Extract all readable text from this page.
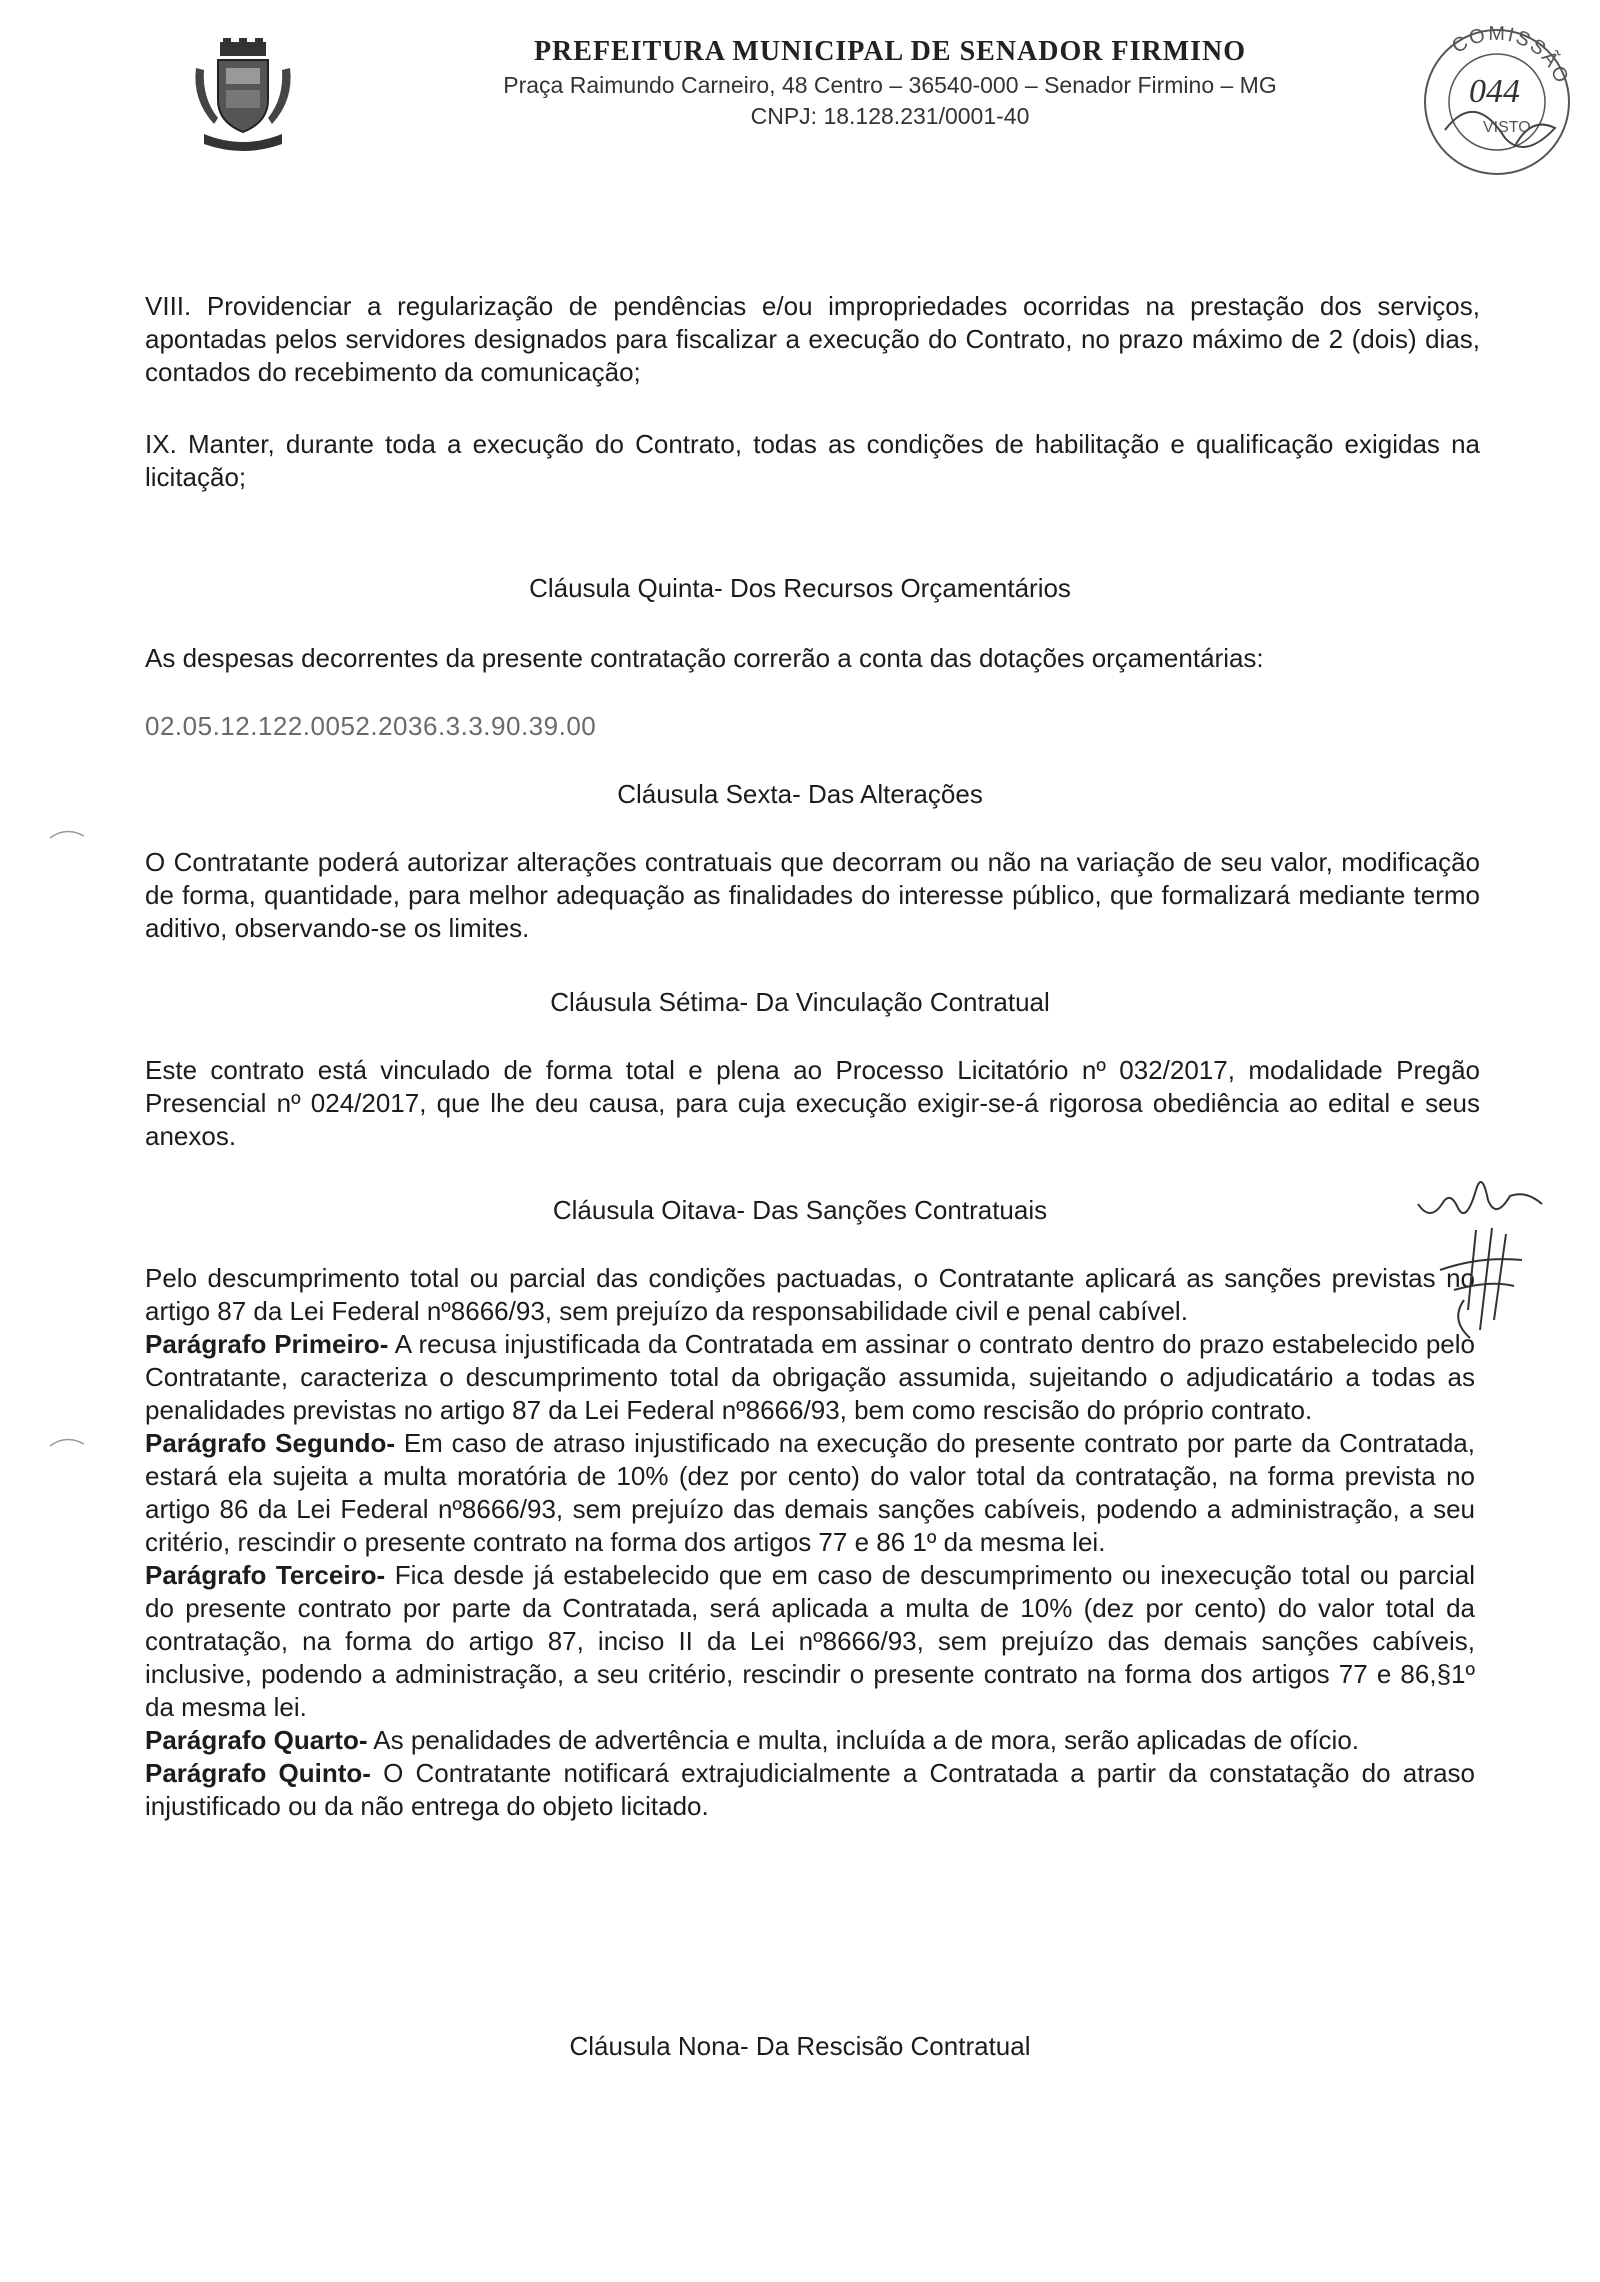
PREFEITURA MUNICIPAL DE SENADOR FIRMINO
Praça Raimundo Carneiro, 48 Centro – 36540-000 – Senador Firmino – MG
CNPJ: 18.128.231/0001-40
COMISSÃO
044
VISTO

VIII. Providenciar a regularização de pendências e/ou impropriedades ocorridas na prestação dos serviços, apontadas pelos servidores designados para fiscalizar a execução do Contrato, no prazo máximo de 2 (dois) dias, contados do recebimento da comunicação;

IX. Manter, durante toda a execução do Contrato, todas as condições de habilitação e qualificação exigidas na licitação;

Cláusula Quinta- Dos Recursos Orçamentários
As despesas decorrentes da presente contratação correrão a conta das dotações orçamentárias:
02.05.12.122.0052.2036.3.3.90.39.00
Cláusula Sexta- Das Alterações
O Contratante poderá autorizar alterações contratuais que decorram ou não na variação de seu valor, modificação de forma, quantidade, para melhor adequação as finalidades do interesse público, que formalizará mediante termo aditivo, observando-se os limites.
Cláusula Sétima- Da Vinculação Contratual
Este contrato está vinculado de forma total e plena ao Processo Licitatório nº 032/2017, modalidade Pregão Presencial nº 024/2017, que lhe deu causa, para cuja execução exigir-se-á rigorosa obediência ao edital e seus anexos.
Cláusula Oitava- Das Sanções Contratuais

Pelo descumprimento total ou parcial das condições pactuadas, o Contratante aplicará as sanções previstas no artigo 87 da Lei Federal nº8666/93, sem prejuízo da responsabilidade civil e penal cabível.

Parágrafo Primeiro- A recusa injustificada da Contratada em assinar o contrato dentro do prazo estabelecido pelo Contratante, caracteriza o descumprimento total da obrigação assumida, sujeitando o adjudicatário a todas as penalidades previstas no artigo 87 da Lei Federal nº8666/93, bem como rescisão do próprio contrato.

Parágrafo Segundo- Em caso de atraso injustificado na execução do presente contrato por parte da Contratada, estará ela sujeita a multa moratória de 10% (dez por cento) do valor total da contratação, na forma prevista no artigo 86 da Lei Federal nº8666/93, sem prejuízo das demais sanções cabíveis, podendo a administração, a seu critério, rescindir o presente contrato na forma dos artigos 77 e 86 1º da mesma lei.

Parágrafo Terceiro- Fica desde já estabelecido que em caso de descumprimento ou inexecução total ou parcial do presente contrato por parte da Contratada, será aplicada a multa de 10% (dez por cento) do valor total da contratação, na forma do artigo 87, inciso II da Lei nº8666/93, sem prejuízo das demais sanções cabíveis, inclusive, podendo a administração, a seu critério, rescindir o presente contrato na forma dos artigos 77 e 86,§1º da mesma lei.

Parágrafo Quarto- As penalidades de advertência e multa, incluída a de mora, serão aplicadas de ofício.

Parágrafo Quinto- O Contratante notificará extrajudicialmente a Contratada a partir da constatação do atraso injustificado ou da não entrega do objeto licitado.

Cláusula Nona- Da Rescisão Contratual
